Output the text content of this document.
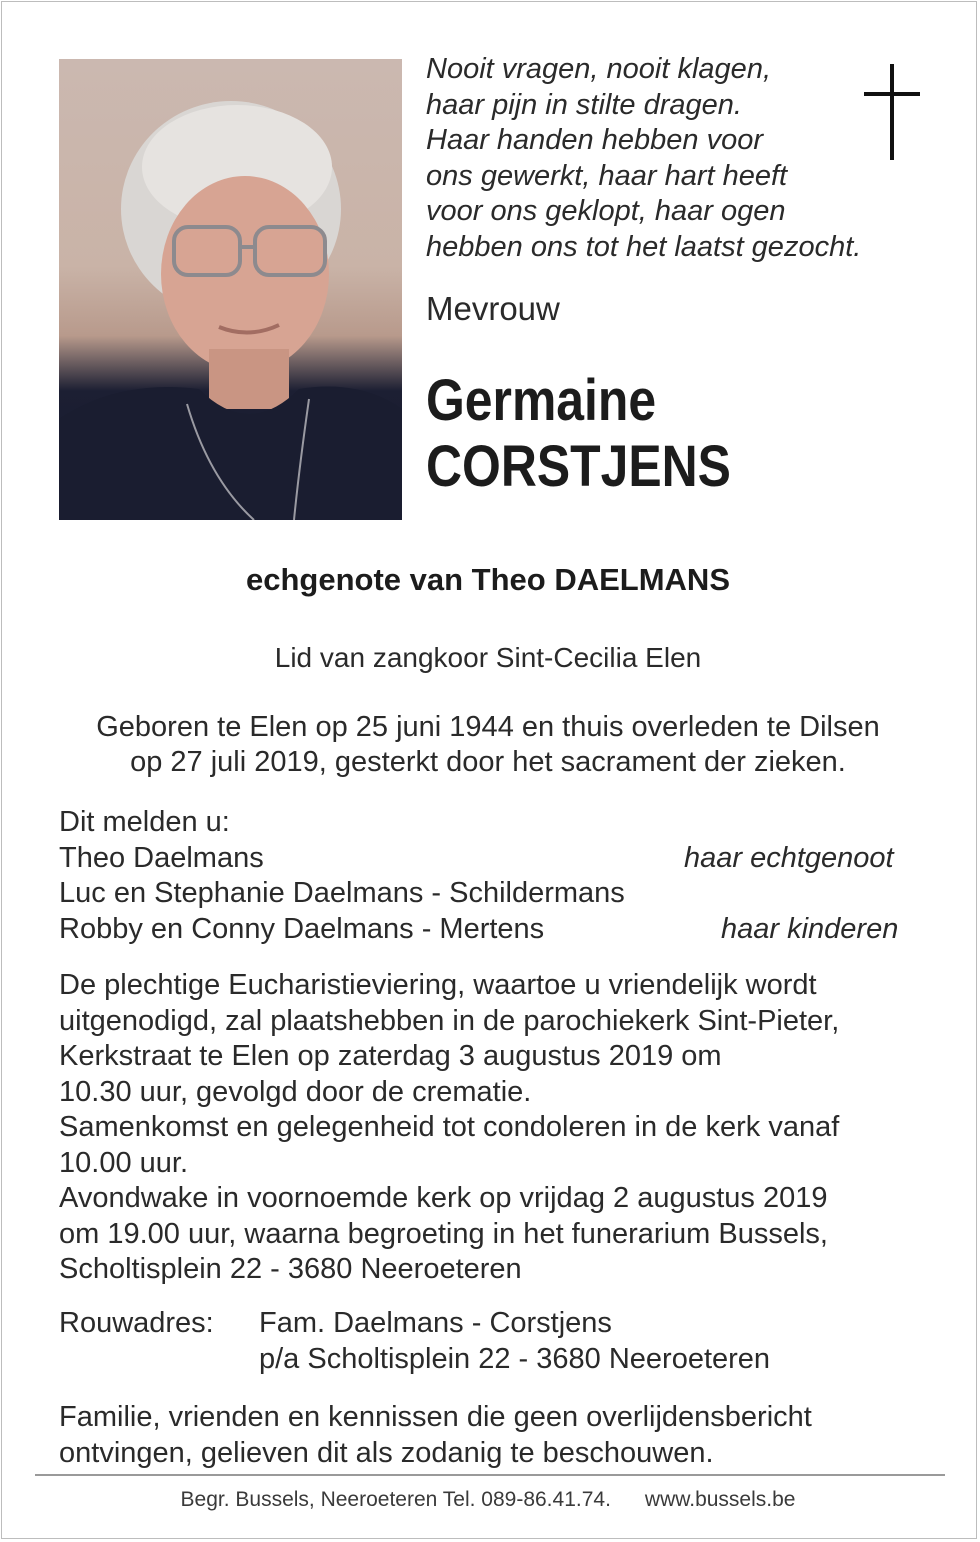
Nooit vragen, nooit klagen,
haar pijn in stilte dragen.
Haar handen hebben voor
ons gewerkt, haar hart heeft
voor ons geklopt, haar ogen
hebben ons tot het laatst gezocht.
Mevrouw
Germaine
CORSTJENS
echgenote van Theo DAELMANS
Lid van zangkoor Sint-Cecilia Elen
Geboren te Elen op 25 juni 1944 en thuis overleden te Dilsen
op 27 juli 2019, gesterkt door het sacrament der zieken.
Dit melden u:
Theo Daelmans	haar echtgenoot
Luc en Stephanie Daelmans - Schildermans
Robby en Conny Daelmans - Mertens	haar kinderen
De plechtige Eucharistieviering, waartoe u vriendelijk wordt
uitgenodigd, zal plaatshebben in de parochiekerk Sint-Pieter,
Kerkstraat te Elen op zaterdag 3 augustus 2019 om
10.30 uur, gevolgd door de crematie.
Samenkomst en gelegenheid tot condoleren in de kerk vanaf
10.00 uur.
Avondwake in voornoemde kerk op vrijdag 2 augustus 2019
om 19.00 uur, waarna begroeting in het funerarium Bussels,
Scholtisplein 22 - 3680 Neeroeteren
Rouwadres: Fam. Daelmans - Corstjens
p/a Scholtisplein 22 - 3680 Neeroeteren
Familie, vrienden en kennissen die geen overlijdensbericht
ontvingen, gelieven dit als zodanig te beschouwen.
Begr. Bussels, Neeroeteren Tel. 089-86.41.74. www.bussels.be
